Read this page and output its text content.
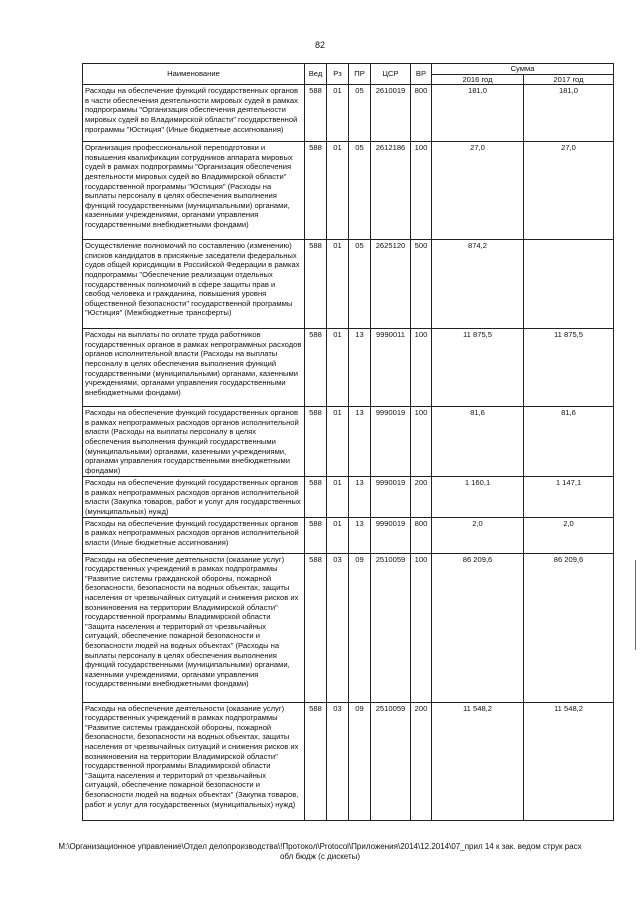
82
Наименование	Вед	Рз	ПР	ЦСР	ВР	Сумма	
						2016 год	2017 год
Расходы на обеспечение функций государственных органов в части обеспечения деятельности мировых судей в рамках подпрограммы "Организация обеспечения деятельности мировых судей во Владимирской области" государственной программы "Юстиция" (Иные бюджетные ассигнования)	588	01	05	2610019	800	181,0	181,0
Организация профессиональной переподготовки и повышения квалификации сотрудников аппарата мировых судей в рамках подпрограммы "Организация обеспечения деятельности мировых судей во Владимирской области" государственной программы "Юстиция" (Расходы на выплаты персоналу в целях обеспечения выполнения функций государственными (муниципальными) органами, казенными учреждениями, органами управления государственными внебюджетными фондами)	588	01	05	2612186	100	27,0	27,0
Осуществление полномочий по составлению (изменению) списков кандидатов в присяжные заседатели федеральных судов общей юрисдикции в Российской Федерации в рамках подпрограммы "Обеспечение реализации отдельных государственных полномочий в сфере защиты прав и свобод человека и гражданина, повышения уровня общественной безопасности" государственной программы "Юстиция" (Межбюджетные трансферты)	588	01	05	2625120	500	874,2	
Расходы на выплаты по оплате труда работников государственных органов в рамках непрограммных расходов органов исполнительной власти (Расходы на выплаты персоналу в целях обеспечения выполнения функций государственными (муниципальными) органами, казенными учреждениями, органами управления государственными внебюджетными фондами)	588	01	13	9990011	100	11 875,5	11 875,5
Расходы на обеспечение функций государственных органов в рамках непрограммных расходов органов исполнительной власти (Расходы на выплаты персоналу в целях обеспечения выполнения функций государственными (муниципальными) органами, казенными учреждениями, органами управления государственными внебюджетными фондами)	588	01	13	9990019	100	81,6	81,6
Расходы на обеспечение функций государственных органов в рамках непрограммных расходов органов исполнительной власти (Закупка товаров, работ и услуг для государственных (муниципальных) нужд)	588	01	13	9990019	200	1 160,1	1 147,1
Расходы на обеспечение функций государственных органов в рамках непрограммных расходов органов исполнительной власти (Иные бюджетные ассигнования)	588	01	13	9990019	800	2,0	2,0
Расходы на обеспечение деятельности (оказание услуг) государственных учреждений в рамках подпрограммы "Развитие системы гражданской обороны, пожарной безопасности, безопасности на водных объектах, защиты населения от чрезвычайных ситуаций и снижения рисков их возникновения на территории Владимирской области" государственной программы Владимирской области "Защита населения и территорий от чрезвычайных ситуаций, обеспечение пожарной безопасности и безопасности людей на водных объектах" (Расходы на выплаты персоналу в целях обеспечения выполнения функций государственными (муниципальными) органами, казенными учреждениями, органами управления государственными внебюджетными фондами)	588	03	09	2510059	100	86 209,6	86 209,6
Расходы на обеспечение деятельности (оказание услуг) государственных учреждений в рамках подпрограммы "Развитие системы гражданской обороны, пожарной безопасности, безопасности на водных объектах, защиты населения от чрезвычайных ситуаций и снижения рисков их возникновения на территории Владимирской области" государственной программы Владимирской области "Защита населения и территорий от чрезвычайных ситуаций, обеспечение пожарной безопасности и безопасности людей на водных объектах" (Закупка товаров, работ и услуг для государственных (муниципальных) нужд)	588	03	09	2510059	200	11 548,2	11 548,2
M:\Организационное управление\Отдел делопроизводства\!Протокол\Protocol\Приложения\2014\12.2014\07_прил 14 к зак. ведом струк расх
обл бюдж (с дискеты)
